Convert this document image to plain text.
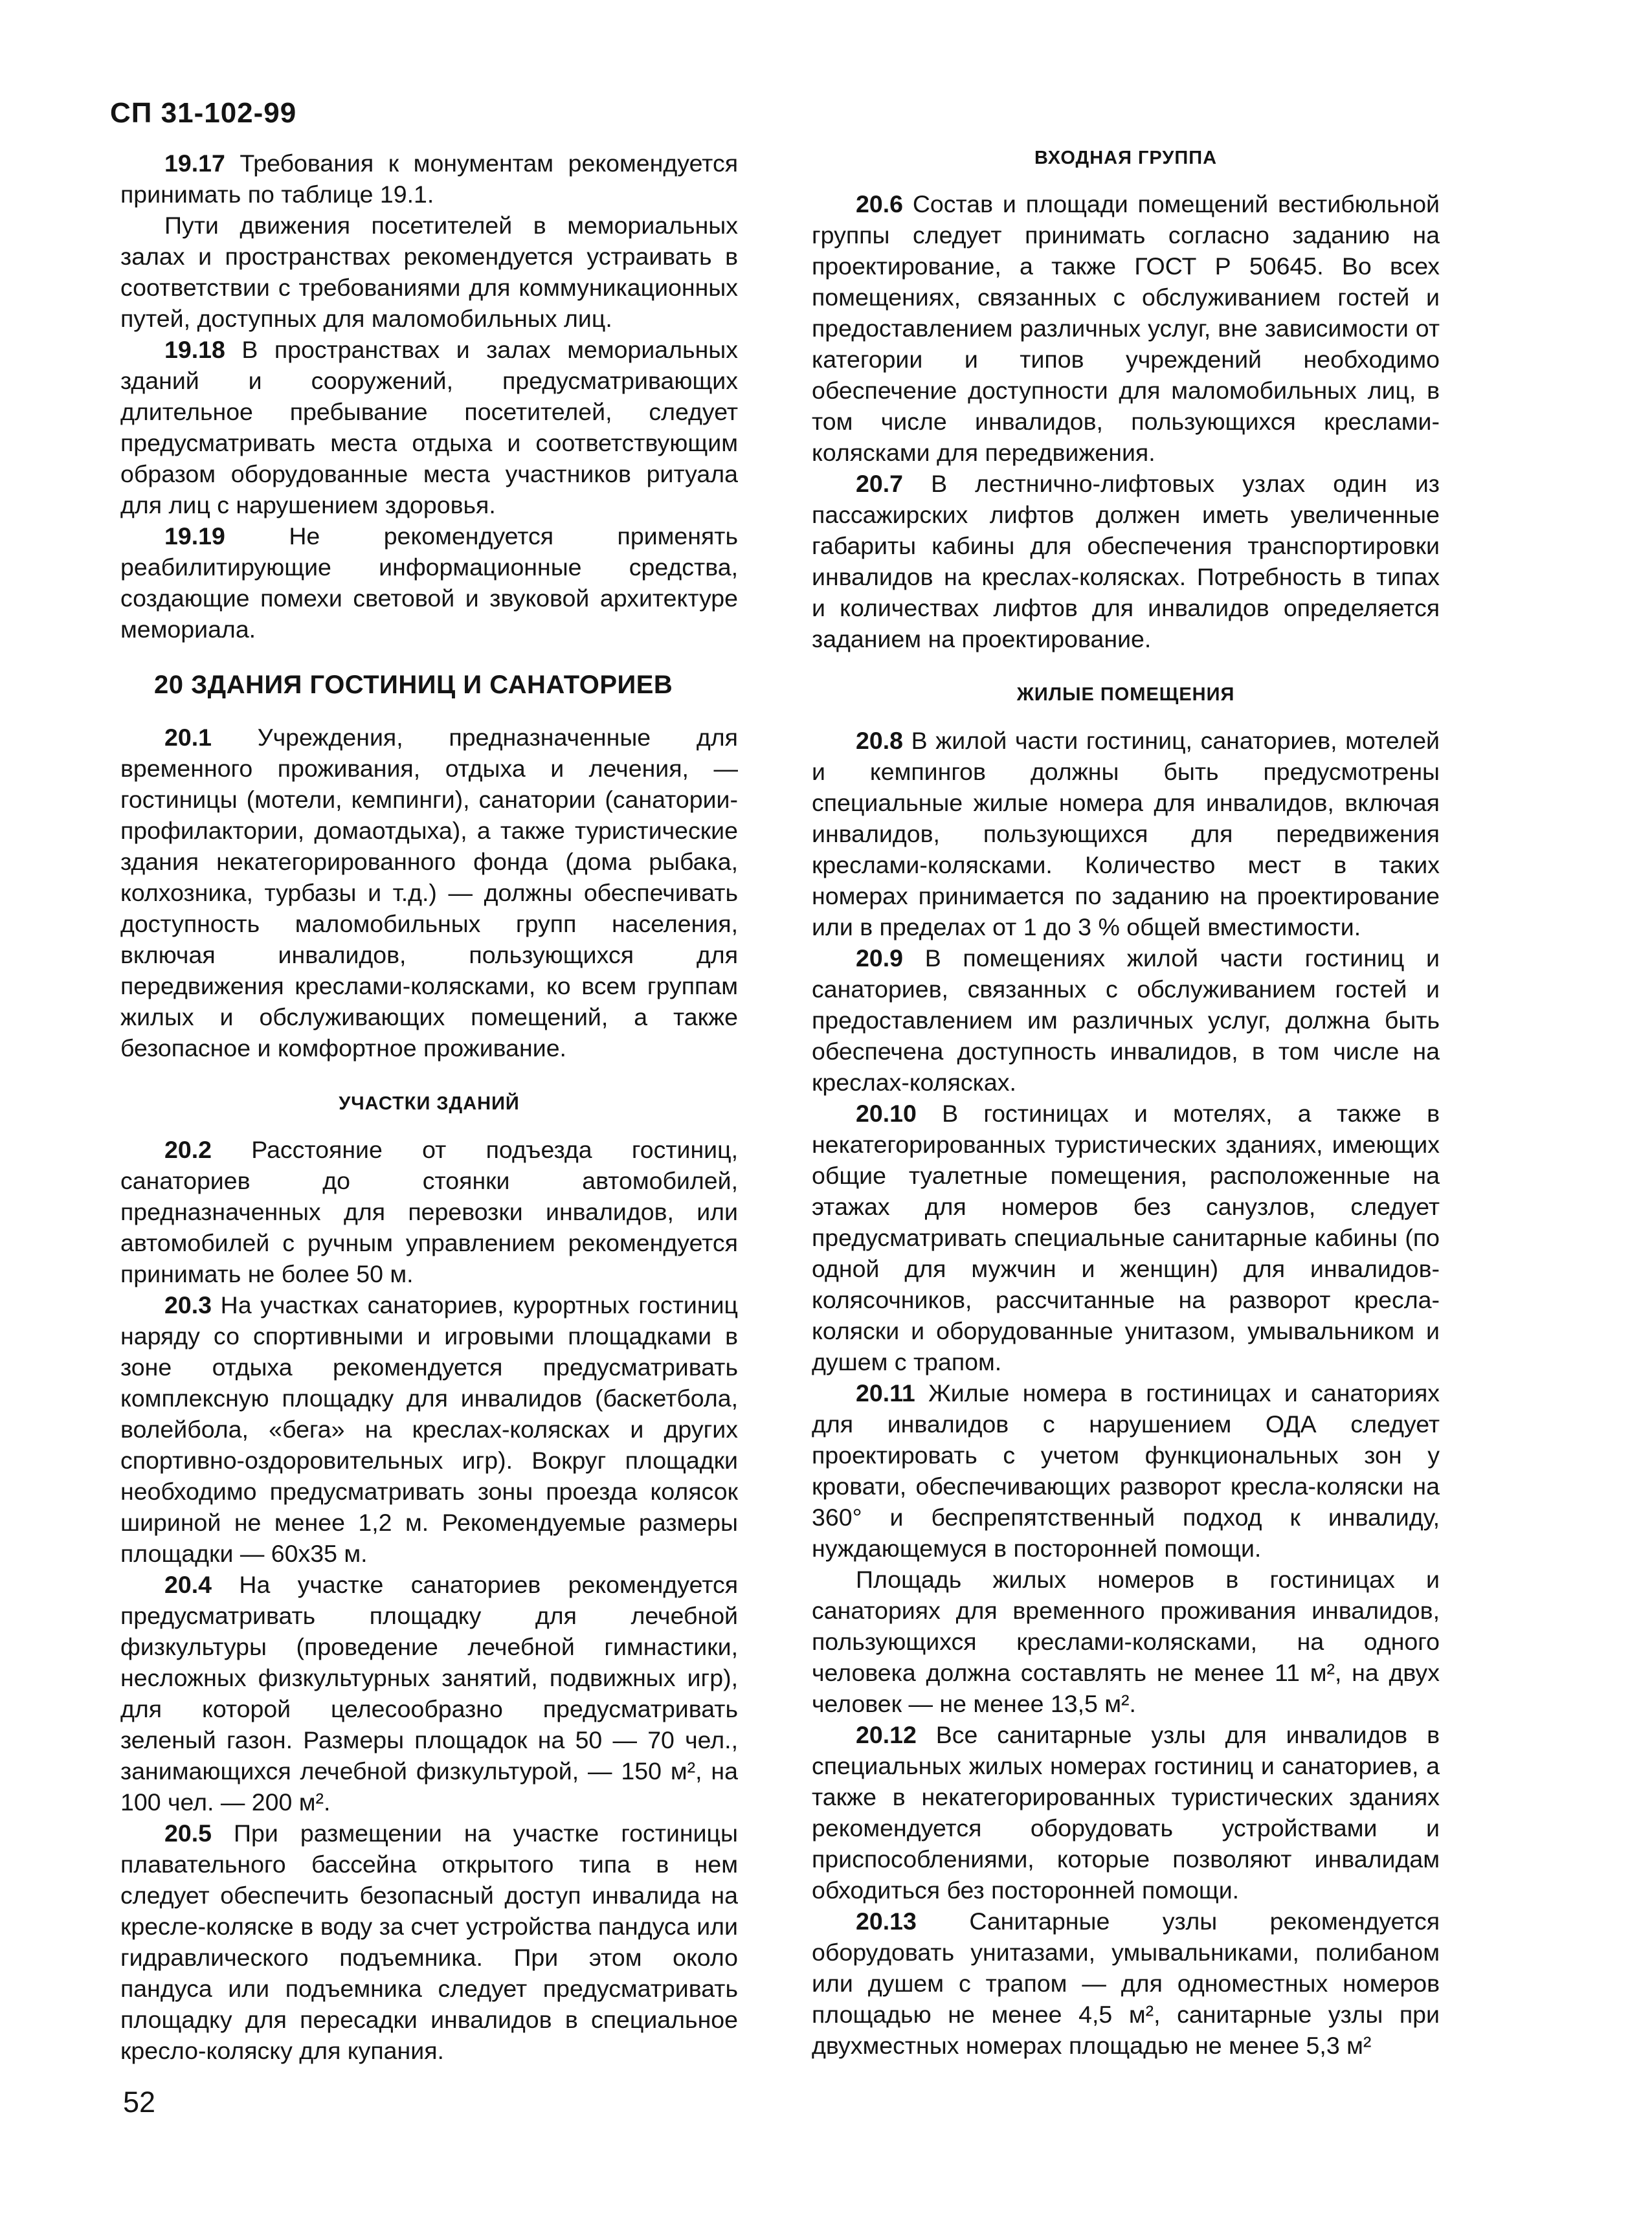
СП 31-102-99

19.17 Требования к монументам рекомендуется принимать по таблице 19.1.

Пути движения посетителей в мемориальных залах и пространствах рекомендуется устраивать в соответствии с требованиями для коммуникационных путей, доступных для маломобильных лиц.

19.18 В пространствах и залах мемориальных зданий и сооружений, предусматривающих длительное пребывание посетителей, следует предусматривать места отдыха и соответствующим образом оборудованные места участников ритуала для лиц с нарушением здоровья.

19.19	Не рекомендуется применять реабилитирующие информационные средства, создающие помехи световой и звуковой архитектуре мемориала.

20 ЗДАНИЯ ГОСТИНИЦ И САНАТОРИЕВ

20.1 Учреждения, предназначенные для временного проживания, отдыха и лечения, — гостиницы (мотели, кемпинги), санатории (санатории-профилактории, домаотдыха), а также туристические здания некатегорированного фонда (дома рыбака, колхозника, турбазы и т.д.) — должны обеспечивать доступность маломобильных групп населения, включая инвалидов, пользующихся для передвижения креслами-колясками, ко всем группам жилых и обслуживающих помещений, а также безопасное и комфортное проживание.

УЧАСТКИ ЗДАНИЙ

20.2 Расстояние от подъезда гостиниц, санаториев до стоянки автомобилей, предназначенных для перевозки инвалидов, или автомобилей с ручным управлением рекомендуется принимать не более 50 м.

20.3 На участках санаториев, курортных гостиниц наряду со спортивными и игровыми площадками в зоне отдыха рекомендуется предусматривать комплексную площадку для инвалидов (баскетбола, волейбола, «бега» на креслах-колясках и других спортивно-оздоровительных игр). Вокруг площадки необходимо предусматривать зоны проезда колясок шириной не менее 1,2 м. Рекомендуемые размеры площадки — 60х35 м.

20.4 На участке санаториев рекомендуется предусматривать площадку для лечебной физкультуры (проведение лечебной гимнастики, несложных физкультурных занятий, подвижных игр), для которой целесообразно предусматривать зеленый газон. Размеры площадок на 50 — 70 чел., занимающихся лечебной физкультурой, — 150 м², на 100 чел. — 200 м².

20.5 При размещении на участке гостиницы плавательного бассейна открытого типа в нем следует обеспечить безопасный доступ инвалида на кресле-коляске в воду за счет устройства пандуса или гидравлического подъемника. При этом около пандуса или подъемника следует предусматривать площадку для пересадки инвалидов в специальное кресло-коляску для купания.

ВХОДНАЯ ГРУППА

20.6 Состав и площади помещений вестибюльной группы следует принимать согласно заданию на проектирование, а также ГОСТ Р 50645. Во всех помещениях, связанных с обслуживанием гостей и предоставлением различных услуг, вне зависимости от категории и типов учреждений необходимо обеспечение доступности для маломобильных лиц, в том числе инвалидов, пользующихся креслами-колясками для передвижения.

20.7 В лестнично-лифтовых узлах один из пассажирских лифтов должен иметь увеличенные габариты кабины для обеспечения транспортировки инвалидов на креслах-колясках. Потребность в типах и количествах лифтов для инвалидов определяется заданием на проектирование.

ЖИЛЫЕ ПОМЕЩЕНИЯ

20.8 В жилой части гостиниц, санаториев, мотелей и кемпингов должны быть предусмотрены специальные жилые номера для инвалидов, включая инвалидов, пользующихся для передвижения креслами-колясками. Количество мест в таких номерах принимается по заданию на проектирование или в пределах от 1 до 3 % общей вместимости.

20.9 В помещениях жилой части гостиниц и санаториев, связанных с обслуживанием гостей и предоставлением им различных услуг, должна быть обеспечена доступность инвалидов, в том числе на креслах-колясках.

20.10 В гостиницах и мотелях, а также в некатегорированных туристических зданиях, имеющих общие туалетные помещения, расположенные на этажах для номеров без санузлов, следует предусматривать специальные санитарные кабины (по одной для мужчин и женщин) для инвалидов-колясочников, рассчитанные на разворот кресла-коляски и оборудованные унитазом, умывальником и душем с трапом.

20.11 Жилые номера в гостиницах и санаториях для инвалидов с нарушением ОДА следует проектировать с учетом функциональных зон у кровати, обеспечивающих разворот кресла-коляски на 360° и беспрепятственный подход к инвалиду, нуждающемуся в посторонней помощи.

Площадь жилых номеров в гостиницах и санаториях для временного проживания инвалидов, пользующихся креслами-колясками, на одного человека должна составлять не менее 11 м², на двух человек — не менее 13,5 м².

20.12 Все санитарные узлы для инвалидов в специальных жилых номерах гостиниц и санаториев, а также в некатегорированных туристических зданиях рекомендуется оборудовать устройствами и приспособлениями, которые позволяют инвалидам обходиться без посторонней помощи.

20.13 Санитарные узлы рекомендуется оборудовать унитазами, умывальниками, полибаном или душем с трапом — для одноместных номеров площадью не менее 4,5 м², санитарные узлы при двухместных номерах площадью не менее 5,3 м²

52
